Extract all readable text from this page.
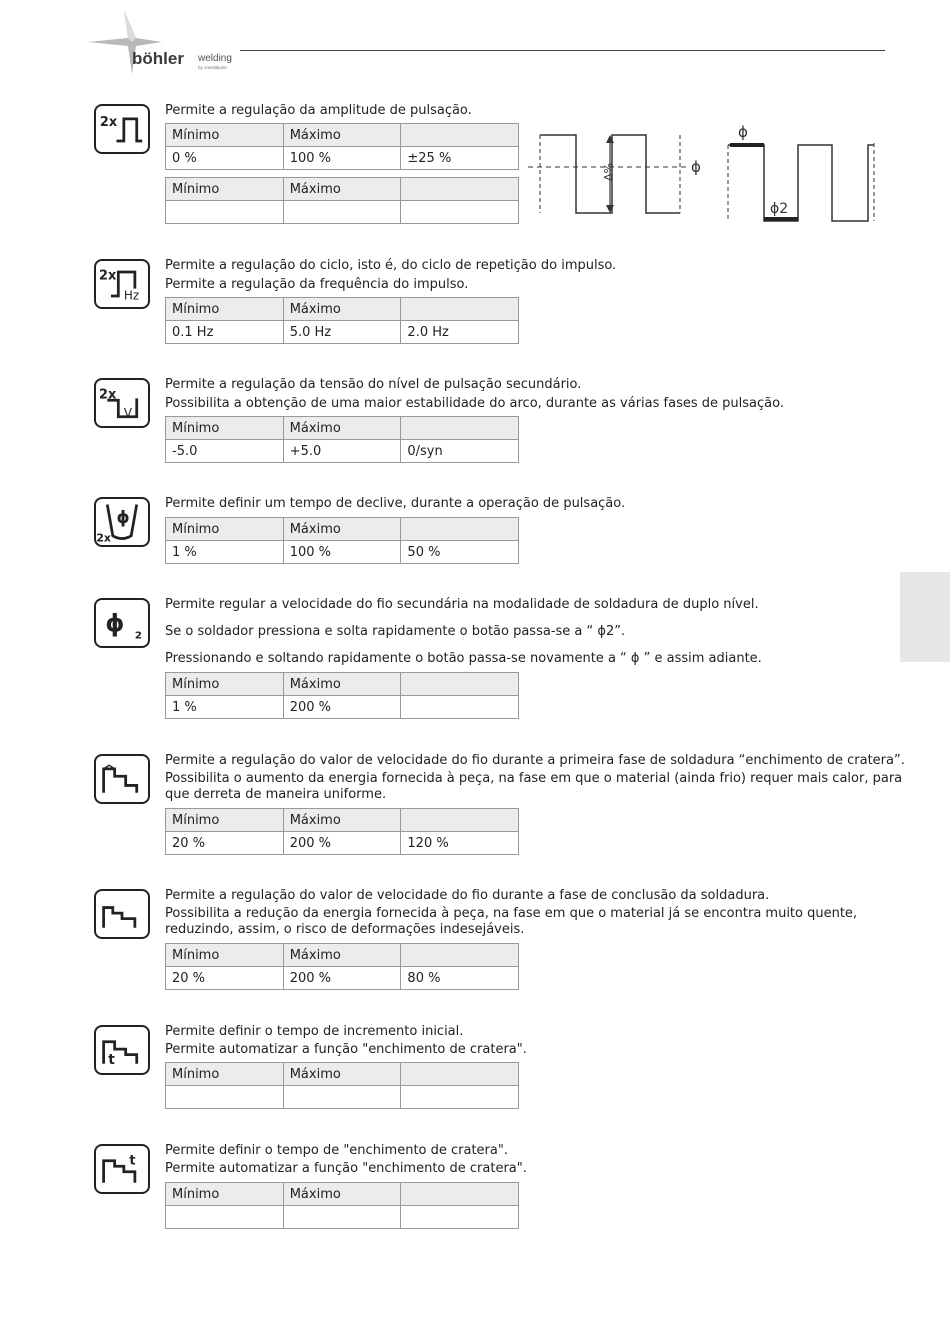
böhler welding
by voestalpine
2x
Permite a regulação da amplitude de pulsação.
Mínimo	Máximo	
0 %	100 %	±25 %
Mínimo	Máximo	

Δ%	ɸ
ɸ
ɸ2
2x
Hz
Permite a regulação do ciclo, isto é, do ciclo de repetição do impulso.
Permite a regulação da frequência do impulso.
Mínimo	Máximo	
0.1 Hz	5.0 Hz	2.0 Hz
2x
V
Permite a regulação da tensão do nível de pulsação secundário.
Possibilita a obtenção de uma maior estabilidade do arco, durante as várias fases de pulsação.
Mínimo	Máximo	
-5.0	+5.0	0/syn
ɸ
2x
Permite definir um tempo de declive, durante a operação de pulsação.
Mínimo	Máximo	
1 %	100 %	50 %
ɸ 2
Permite regular a velocidade do fio secundária na modalidade de soldadura de duplo nível.
Se o soldador pressiona e solta rapidamente o botão passa-se a “ ɸ2”.
Pressionando e soltando rapidamente o botão passa-se novamente a “ ɸ ” e assim adiante.
Mínimo	Máximo	
1 %	200 %	
Permite a regulação do valor de velocidade do fio durante a primeira fase de soldadura “enchimento de cratera”.
Possibilita o aumento da energia fornecida à peça, na fase em que o material (ainda frio) requer mais calor, para
que derreta de maneira uniforme.
Mínimo	Máximo	
20 %	200 %	120 %
Permite a regulação do valor de velocidade do fio durante a fase de conclusão da soldadura.
Possibilita a redução da energia fornecida à peça, na fase em que o material já se encontra muito quente,
reduzindo, assim, o risco de deformações indesejáveis.
Mínimo	Máximo	
20 %	200 %	80 %
t
Permite definir o tempo de incremento inicial.
Permite automatizar a função "enchimento de cratera".
Mínimo	Máximo	

t
Permite definir o tempo de "enchimento de cratera".
Permite automatizar a função "enchimento de cratera".
Mínimo	Máximo	
